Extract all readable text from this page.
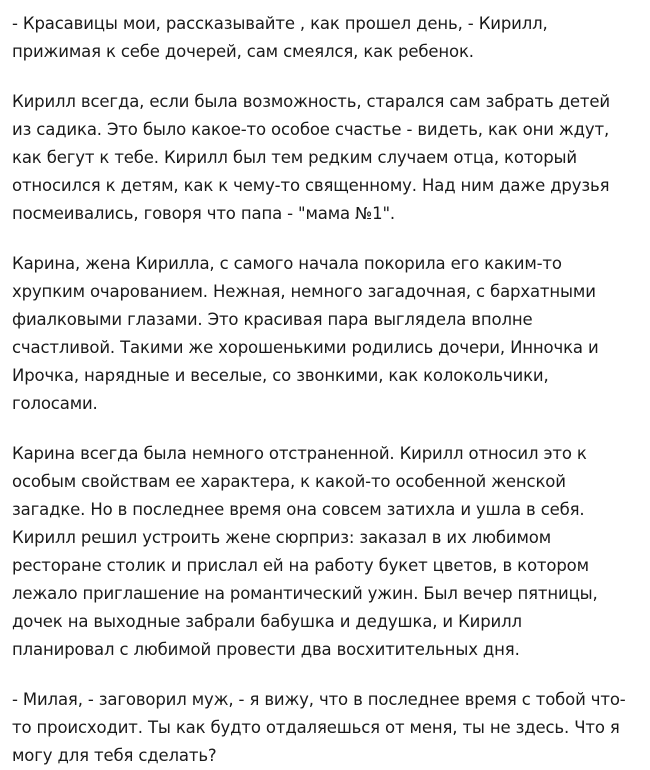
- Красавицы мои, рассказывайте , как прошел день, - Кирилл, прижимая к себе дочерей, сам смеялся, как ребенок.

Кирилл всегда, если была возможность, старался сам забрать детей из садика. Это было какое-то особое счастье - видеть, как они ждут, как бегут к тебе. Кирилл был тем редким случаем отца, который относился к детям, как к чему-то священному. Над ним даже друзья посмеивались, говоря что папа - "мама №1".

Карина, жена Кирилла, с самого начала покорила его каким-то хрупким очарованием. Нежная, немного загадочная, с бархатными фиалковыми глазами. Это красивая пара выглядела вполне счастливой. Такими же хорошенькими родились дочери, Инночка и Ирочка, нарядные и веселые, со звонкими, как колокольчики, голосами.

Карина всегда была немного отстраненной. Кирилл относил это к особым свойствам ее характера, к какой-то особенной женской загадке. Но в последнее время она совсем затихла и ушла в себя. Кирилл решил устроить жене сюрприз: заказал в их любимом ресторане столик и прислал ей на работу букет цветов, в котором лежало приглашение на романтический ужин. Был вечер пятницы, дочек на выходные забрали бабушка и дедушка, и Кирилл планировал с любимой провести два восхитительных дня.

- Милая, - заговорил муж, - я вижу, что в последнее время с тобой что-то происходит. Ты как будто отдаляешься от меня, ты не здесь. Что я могу для тебя сделать?
